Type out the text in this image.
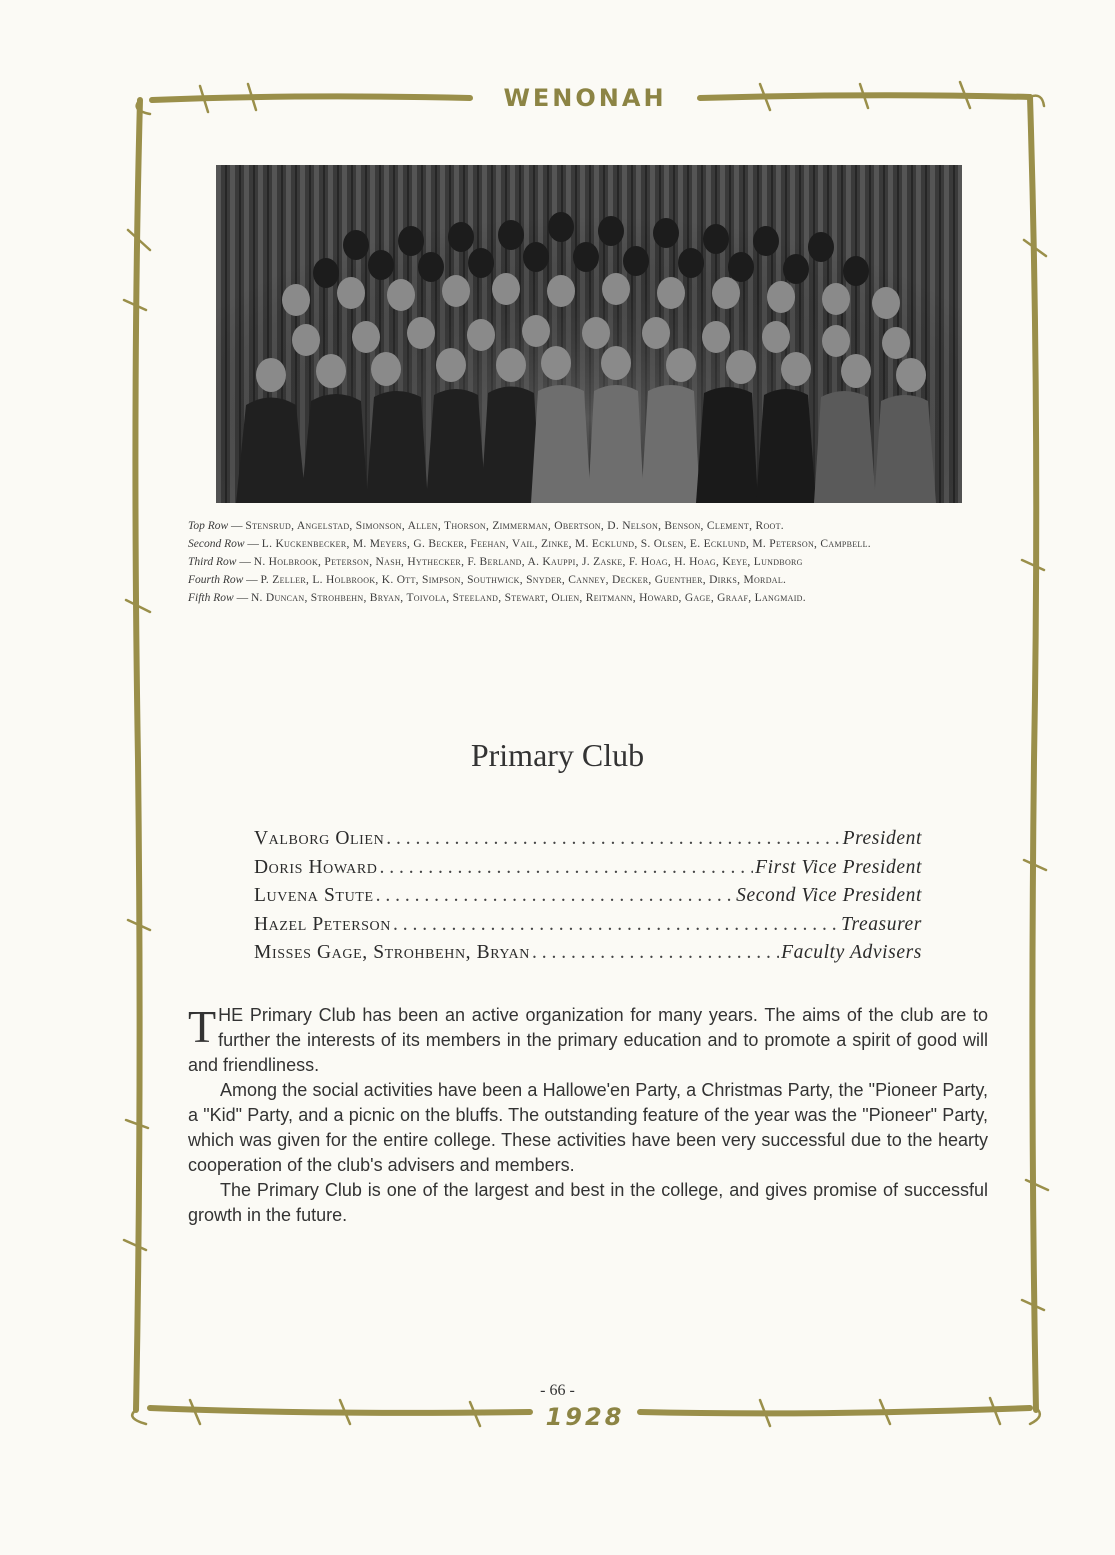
WENONAH
1928
Top Row — Stensrud, Angelstad, Simonson, Allen, Thorson, Zimmerman, Obertson, D. Nelson, Benson, Clement, Root.
Second Row — L. Kuckenbecker, M. Meyers, G. Becker, Feehan, Vail, Zinke, M. Ecklund, S. Olsen, E. Ecklund, M. Peterson, Campbell.
Third Row — N. Holbrook, Peterson, Nash, Hythecker, F. Berland, A. Kauppi, J. Zaske, F. Hoag, H. Hoag, Keye, Lundborg
Fourth Row — P. Zeller, L. Holbrook, K. Ott, Simpson, Southwick, Snyder, Canney, Decker, Guenther, Dirks, Mordal.
Fifth Row — N. Duncan, Strohbehn, Bryan, Toivola, Steeland, Stewart, Olien, Reitmann, Howard, Gage, Graaf, Langmaid.
Primary Club
Valborg Olien . . .	President
Doris Howard . . .	First Vice President
Luvena Stute . . .	Second Vice President
Hazel Peterson . . .	Treasurer
Misses Gage, Strohbehn, Bryan . . .	Faculty Advisers

THE Primary Club has been an active organization for many years. The aims of the club are to further the interests of its members in the primary education and to promote a spirit of good will and friendliness.

Among the social activities have been a Hallowe'en Party, a Christmas Party, the "Pioneer Party, a "Kid" Party, and a picnic on the bluffs. The outstanding feature of the year was the "Pioneer" Party, which was given for the entire college. These activities have been very successful due to the hearty cooperation of the club's advisers and members.

The Primary Club is one of the largest and best in the college, and gives promise of successful growth in the future.

- 66 -
